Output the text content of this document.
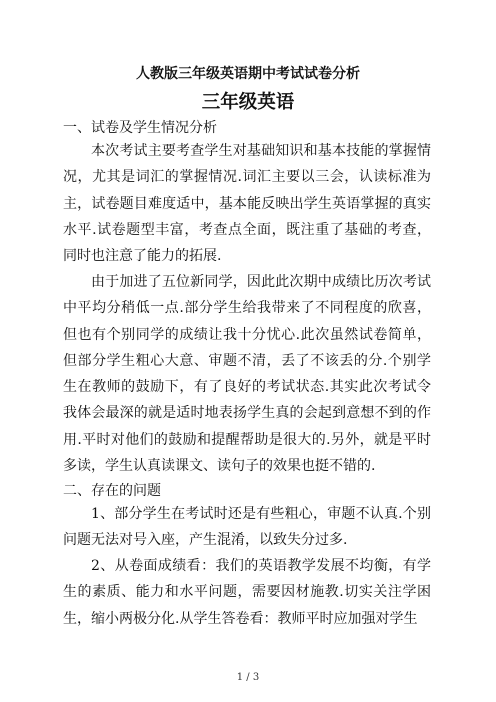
人教版三年级英语期中考试试卷分析
三年级英语
一、试卷及学生情况分析

本次考试主要考查学生对基础知识和基本技能的掌握情况，尤其是词汇的掌握情况.词汇主要以三会，认读标准为主，试卷题目难度适中，基本能反映出学生英语掌握的真实水平.试卷题型丰富，考查点全面，既注重了基础的考查，同时也注意了能力的拓展.

由于加进了五位新同学，因此此次期中成绩比历次考试中平均分稍低一点.部分学生给我带来了不同程度的欣喜，但也有个别同学的成绩让我十分忧心.此次虽然试卷简单，但部分学生粗心大意、审题不清，丢了不该丢的分.个别学生在教师的鼓励下，有了良好的考试状态.其实此次考试令我体会最深的就是适时地表扬学生真的会起到意想不到的作用.平时对他们的鼓励和提醒帮助是很大的.另外，就是平时多读，学生认真读课文、读句子的效果也挺不错的.

二、存在的问题

1、部分学生在考试时还是有些粗心，审题不认真.个别问题无法对号入座，产生混淆，以致失分过多.

2、从卷面成绩看：我们的英语教学发展不均衡，有学生的素质、能力和水平问题，需要因材施教.切实关注学困生，缩小两极分化.从学生答卷看：教师平时应加强对学生

1 / 3
